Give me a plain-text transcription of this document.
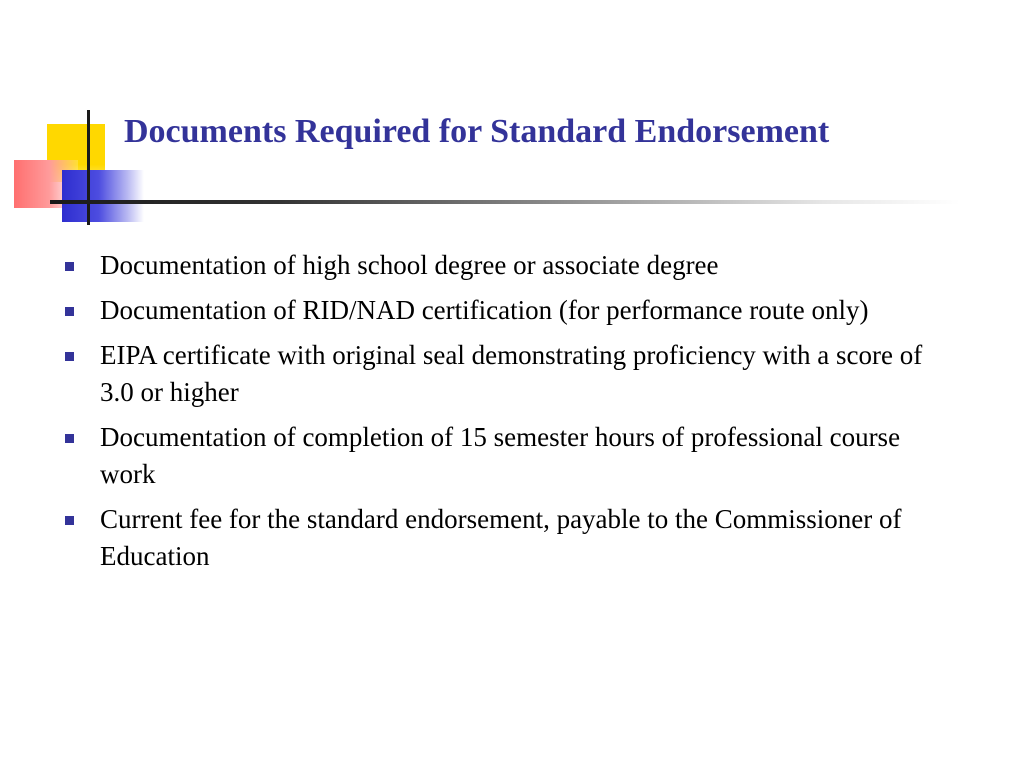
Documents Required for Standard Endorsement
Documentation of high school degree or associate degree
Documentation of RID/NAD certification (for performance route only)
EIPA certificate with original seal demonstrating proficiency with a score of 3.0 or higher
Documentation of completion of 15 semester hours of professional course work
Current fee for the standard endorsement, payable to the Commissioner of Education
